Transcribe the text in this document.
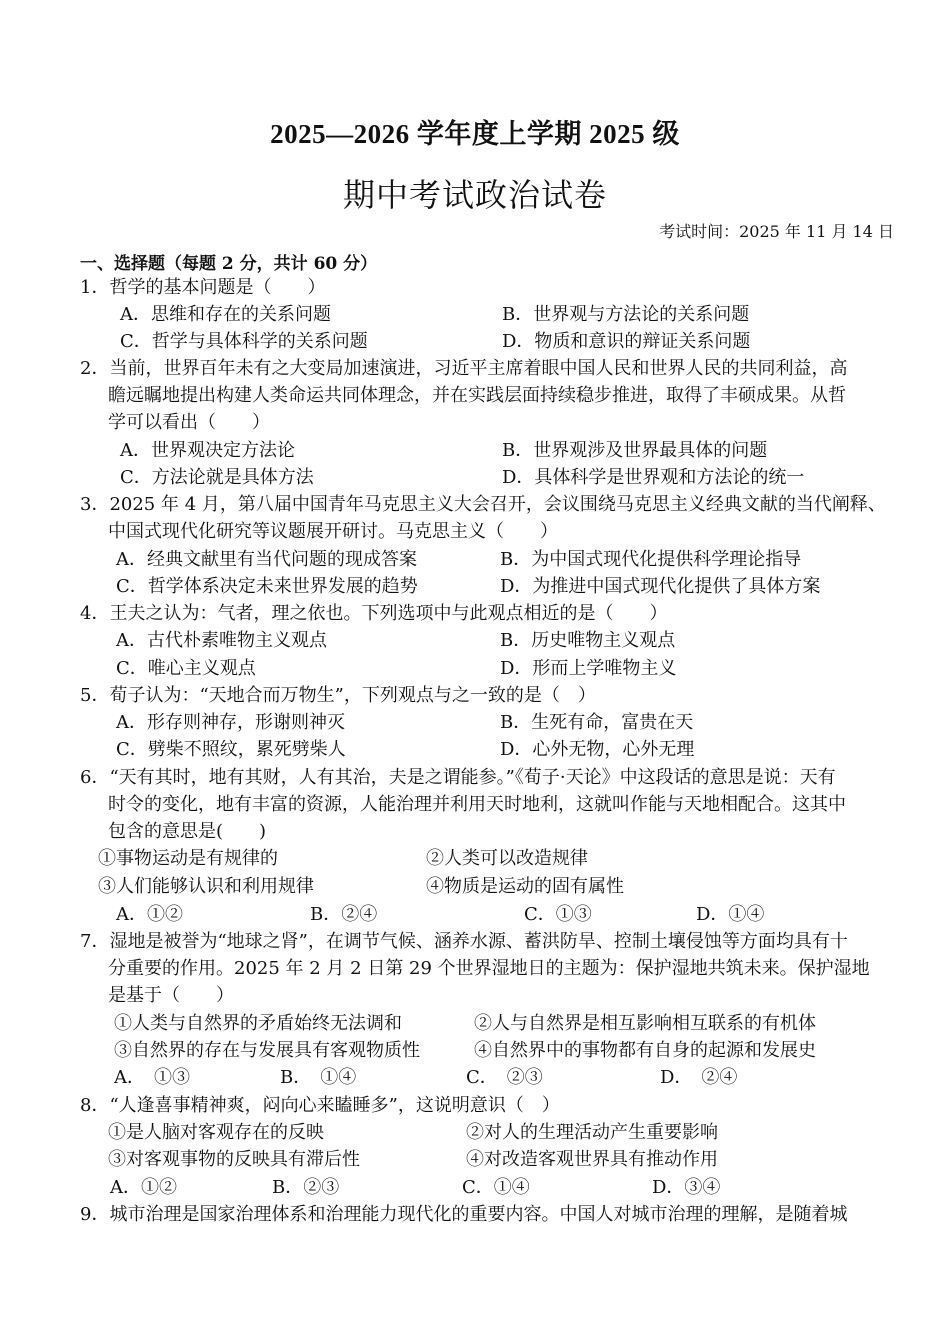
2025—2026 学年度上学期 2025 级
期中考试政治试卷
考试时间：2025 年 11 月 14 日
一、选择题（每题 2 分，共计 60 分）
1．哲学的基本问题是（　　）
A．思维和存在的关系问题	B．世界观与方法论的关系问题
C．哲学与具体科学的关系问题	D．物质和意识的辩证关系问题
2．当前，世界百年未有之大变局加速演进，习近平主席着眼中国人民和世界人民的共同利益，高
瞻远瞩地提出构建人类命运共同体理念，并在实践层面持续稳步推进，取得了丰硕成果。从哲
学可以看出（　　）
A．世界观决定方法论	B．世界观涉及世界最具体的问题
C．方法论就是具体方法	D．具体科学是世界观和方法论的统一
3．2025 年 4 月，第八届中国青年马克思主义大会召开，会议围绕马克思主义经典文献的当代阐释、
中国式现代化研究等议题展开研讨。马克思主义（　　）
A．经典文献里有当代问题的现成答案	B．为中国式现代化提供科学理论指导
C．哲学体系决定未来世界发展的趋势	D．为推进中国式现代化提供了具体方案
4．王夫之认为：气者，理之依也。下列选项中与此观点相近的是（　　）
A．古代朴素唯物主义观点	B．历史唯物主义观点
C．唯心主义观点	D．形而上学唯物主义
5．荀子认为：“天地合而万物生”，下列观点与之一致的是（　）
A．形存则神存，形谢则神灭	B．生死有命，富贵在天
C．劈柴不照纹，累死劈柴人	D．心外无物，心外无理
6．“天有其时，地有其财，人有其治，夫是之谓能参。”《荀子·天论》中这段话的意思是说：天有
时令的变化，地有丰富的资源，人能治理并利用天时地利，这就叫作能与天地相配合。这其中
包含的意思是(　　)
①事物运动是有规律的	②人类可以改造规律
③人们能够认识和利用规律	④物质是运动的固有属性
A．①②	B．②④	C．①③	D．①④
7．湿地是被誉为“地球之肾”，在调节气候、涵养水源、蓄洪防旱、控制土壤侵蚀等方面均具有十
分重要的作用。2025 年 2 月 2 日第 29 个世界湿地日的主题为：保护湿地共筑未来。保护湿地
是基于（　　）
①人类与自然界的矛盾始终无法调和	②人与自然界是相互影响相互联系的有机体
③自然界的存在与发展具有客观物质性	④自然界中的事物都有自身的起源和发展史
A．　①③	B．　①④	C．　②③	D．　②④
8．“人逢喜事精神爽，闷向心来瞌睡多”，这说明意识（　）
①是人脑对客观存在的反映	②对人的生理活动产生重要影响
③对客观事物的反映具有滞后性	④对改造客观世界具有推动作用
A．①②	B．②③	C．①④	D．③④
9．城市治理是国家治理体系和治理能力现代化的重要内容。中国人对城市治理的理解，是随着城
